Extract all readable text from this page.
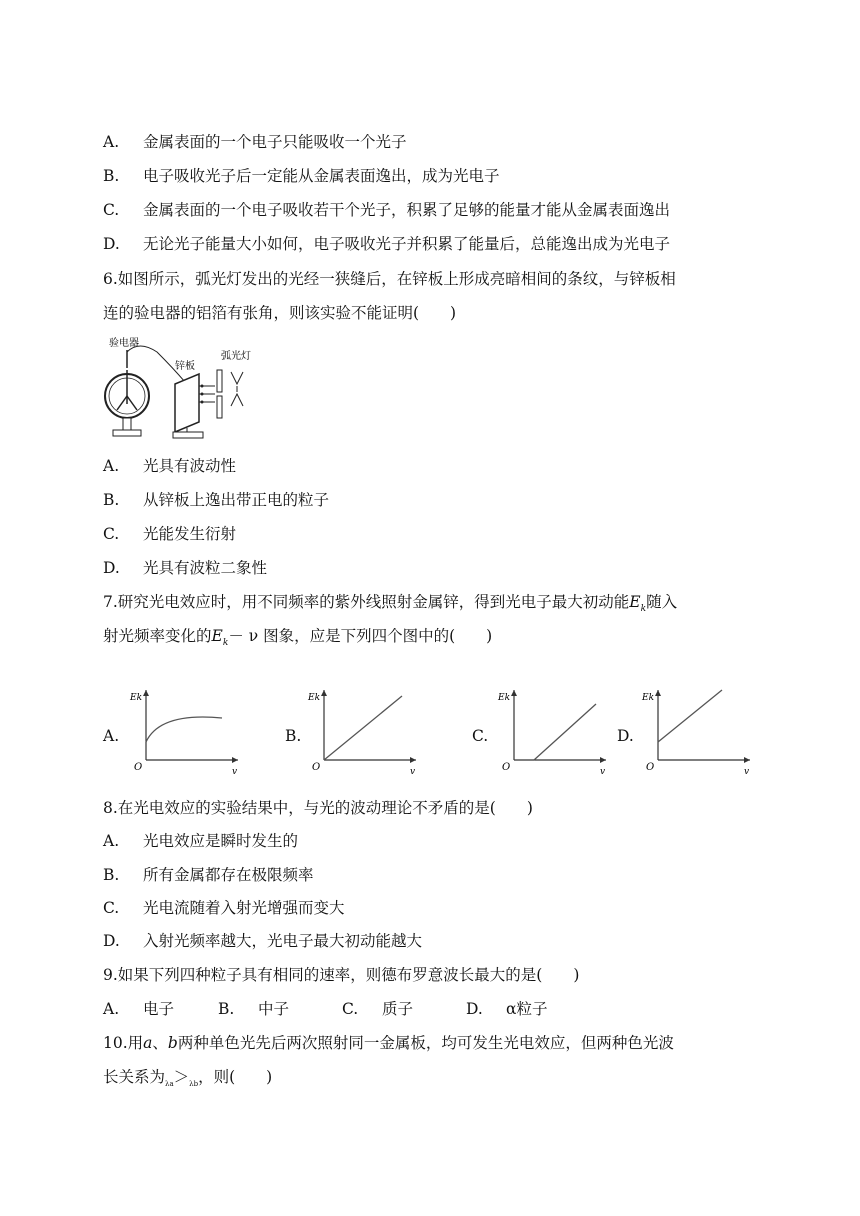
A. 金属表面的一个电子只能吸收一个光子
B. 电子吸收光子后一定能从金属表面逸出，成为光电子
C. 金属表面的一个电子吸收若干个光子，积累了足够的能量才能从金属表面逸出
D. 无论光子能量大小如何，电子吸收光子并积累了能量后，总能逸出成为光电子
6.如图所示，弧光灯发出的光经一狭缝后，在锌板上形成亮暗相间的条纹，与锌板相
连的验电器的铝箔有张角，则该实验不能证明(　　)
验电器
锌板
弧光灯
A. 光具有波动性
B. 从锌板上逸出带正电的粒子
C. 光能发生衍射
D. 光具有波粒二象性
7.研究光电效应时，用不同频率的紫外线照射金属锌，得到光电子最大初动能$E_k$随入
射光频率变化的$E_k- \nu$ 图象，应是下列四个图中的(　　)
A.
Ek
O	v
B.
Ek
O	v
C.
Ek
O	v
D.
Ek
O	v
8.在光电效应的实验结果中，与光的波动理论不矛盾的是(　　)
A. 光电效应是瞬时发生的
B. 所有金属都存在极限频率
C. 光电流随着入射光增强而变大
D. 入射光频率越大，光电子最大初动能越大
9.如果下列四种粒子具有相同的速率，则德布罗意波长最大的是(　　)
A. 电子	B. 中子	C. 质子	D. α粒子
10.用a、b两种单色光先后两次照射同一金属板，均可发生光电效应，但两种色光波
长关系为$_{\lambda a}>_{\lambda b}$，则(　　)
